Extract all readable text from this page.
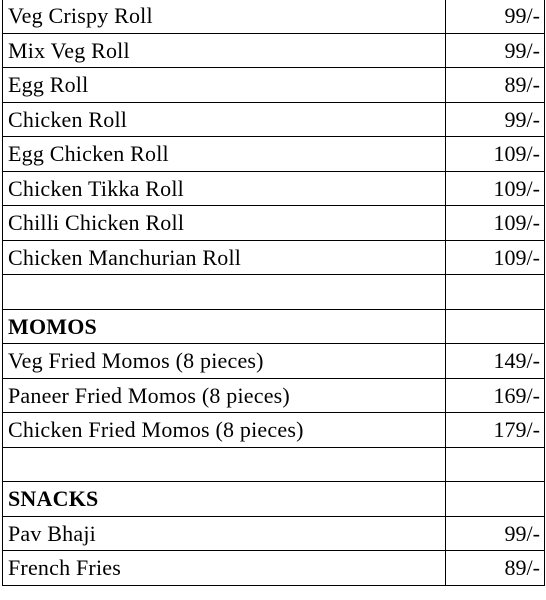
Veg Crispy Roll	99/-
Mix Veg Roll	99/-
Egg Roll	89/-
Chicken Roll	99/-
Egg Chicken Roll	109/-
Chicken Tikka Roll	109/-
Chilli Chicken Roll	109/-
Chicken Manchurian Roll	109/-

MOMOS	
Veg Fried Momos (8 pieces)	149/-
Paneer Fried Momos (8 pieces)	169/-
Chicken Fried Momos (8 pieces)	179/-

SNACKS	
Pav Bhaji	99/-
French Fries	89/-
